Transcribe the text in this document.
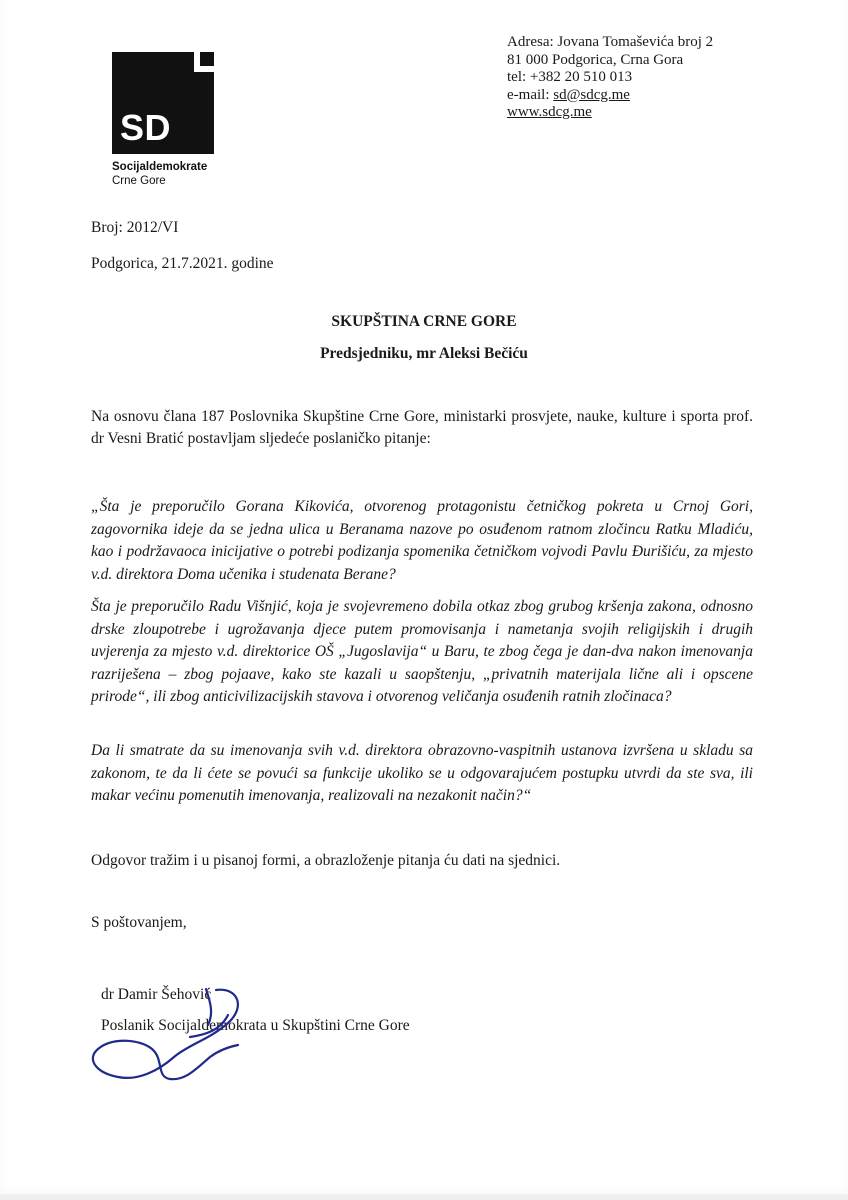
SD
Socijaldemokrate
Crne Gore
Adresa: Jovana Tomaševića broj 2
81 000 Podgorica, Crna Gora
tel: +382 20 510 013
e-mail: sd@sdcg.me
www.sdcg.me
Broj: 2012/VI
Podgorica, 21.7.2021. godine
SKUPŠTINA CRNE GORE
Predsjedniku, mr Aleksi Bečiću
Na osnovu člana 187 Poslovnika Skupštine Crne Gore, ministarki prosvjete, nauke, kulture i sporta prof. dr Vesni Bratić postavljam sljedeće poslaničko pitanje:
„Šta je preporučilo Gorana Kikovića, otvorenog protagonistu četničkog pokreta u Crnoj Gori, zagovornika ideje da se jedna ulica u Beranama nazove po osuđenom ratnom zločincu Ratku Mladiću, kao i podržavaoca inicijative o potrebi podizanja spomenika četničkom vojvodi Pavlu Đurišiću, za mjesto v.d. direktora Doma učenika i studenata Berane?
Šta je preporučilo Radu Višnjić, koja je svojevremeno dobila otkaz zbog grubog kršenja zakona, odnosno drske zloupotrebe i ugrožavanja djece putem promovisanja i nametanja svojih religijskih i drugih uvjerenja za mjesto v.d. direktorice OŠ „Jugoslavija“ u Baru, te zbog čega je dan-dva nakon imenovanja razriješena – zbog pojaave, kako ste kazali u saopštenju, „privatnih materijala lične ali i opscene prirode“, ili zbog anticivilizacijskih stavova i otvorenog veličanja osuđenih ratnih zločinaca?
Da li smatrate da su imenovanja svih v.d. direktora obrazovno-vaspitnih ustanova izvršena u skladu sa zakonom, te da li ćete se povući sa funkcije ukoliko se u odgovarajućem postupku utvrdi da ste sva, ili makar većinu pomenutih imenovanja, realizovali na nezakonit način?“
Odgovor tražim i u pisanoj formi, a obrazloženje pitanja ću dati na sjednici.
S poštovanjem,
dr Damir Šehović
Poslanik Socijaldemokrata u Skupštini Crne Gore
